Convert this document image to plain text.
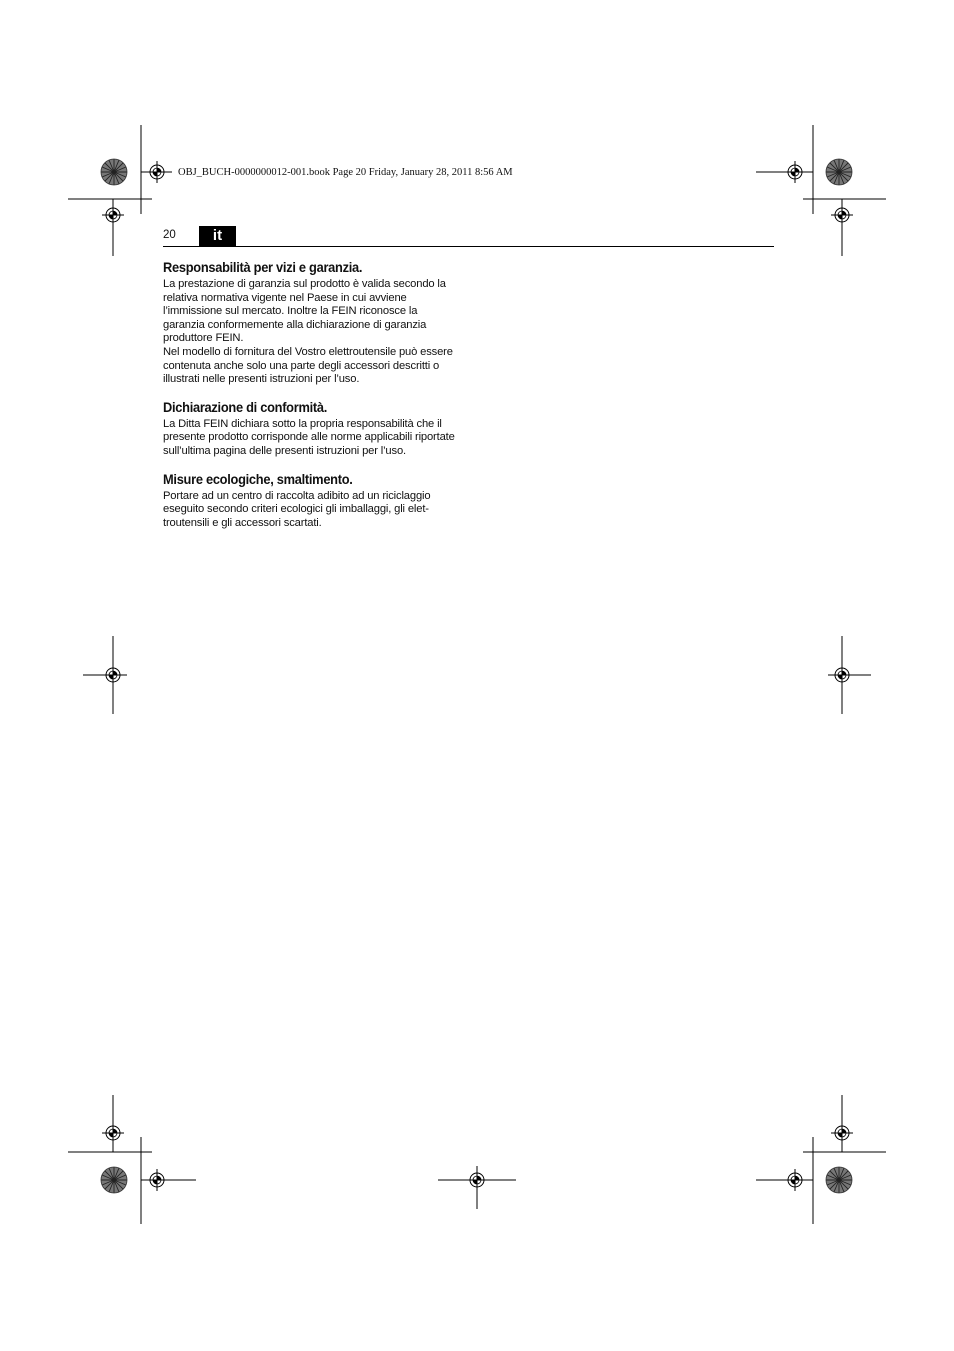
OBJ_BUCH-0000000012-001.book Page 20 Friday, January 28, 2011 8:56 AM
20	it
Responsabilità per vizi e garanzia.

La prestazione di garanzia sul prodotto è valida secondo la relativa normativa vigente nel Paese in cui avviene l’immissione sul mercato. Inoltre la FEIN riconosce la garanzia conformemente alla dichiarazione di garanzia produttore FEIN.

Nel modello di fornitura del Vostro elettroutensile può essere contenuta anche solo una parte degli accessori descritti o illustrati nelle presenti istruzioni per l’uso.

Dichiarazione di conformità.

La Ditta FEIN dichiara sotto la propria responsabilità che il presente prodotto corrisponde alle norme applicabili riportate sull’ultima pagina delle presenti istruzioni per l’uso.

Misure ecologiche, smaltimento.

Portare ad un centro di raccolta adibito ad un riciclaggio eseguito secondo criteri ecologici gli imballaggi, gli elet-troutensili e gli accessori scartati.
